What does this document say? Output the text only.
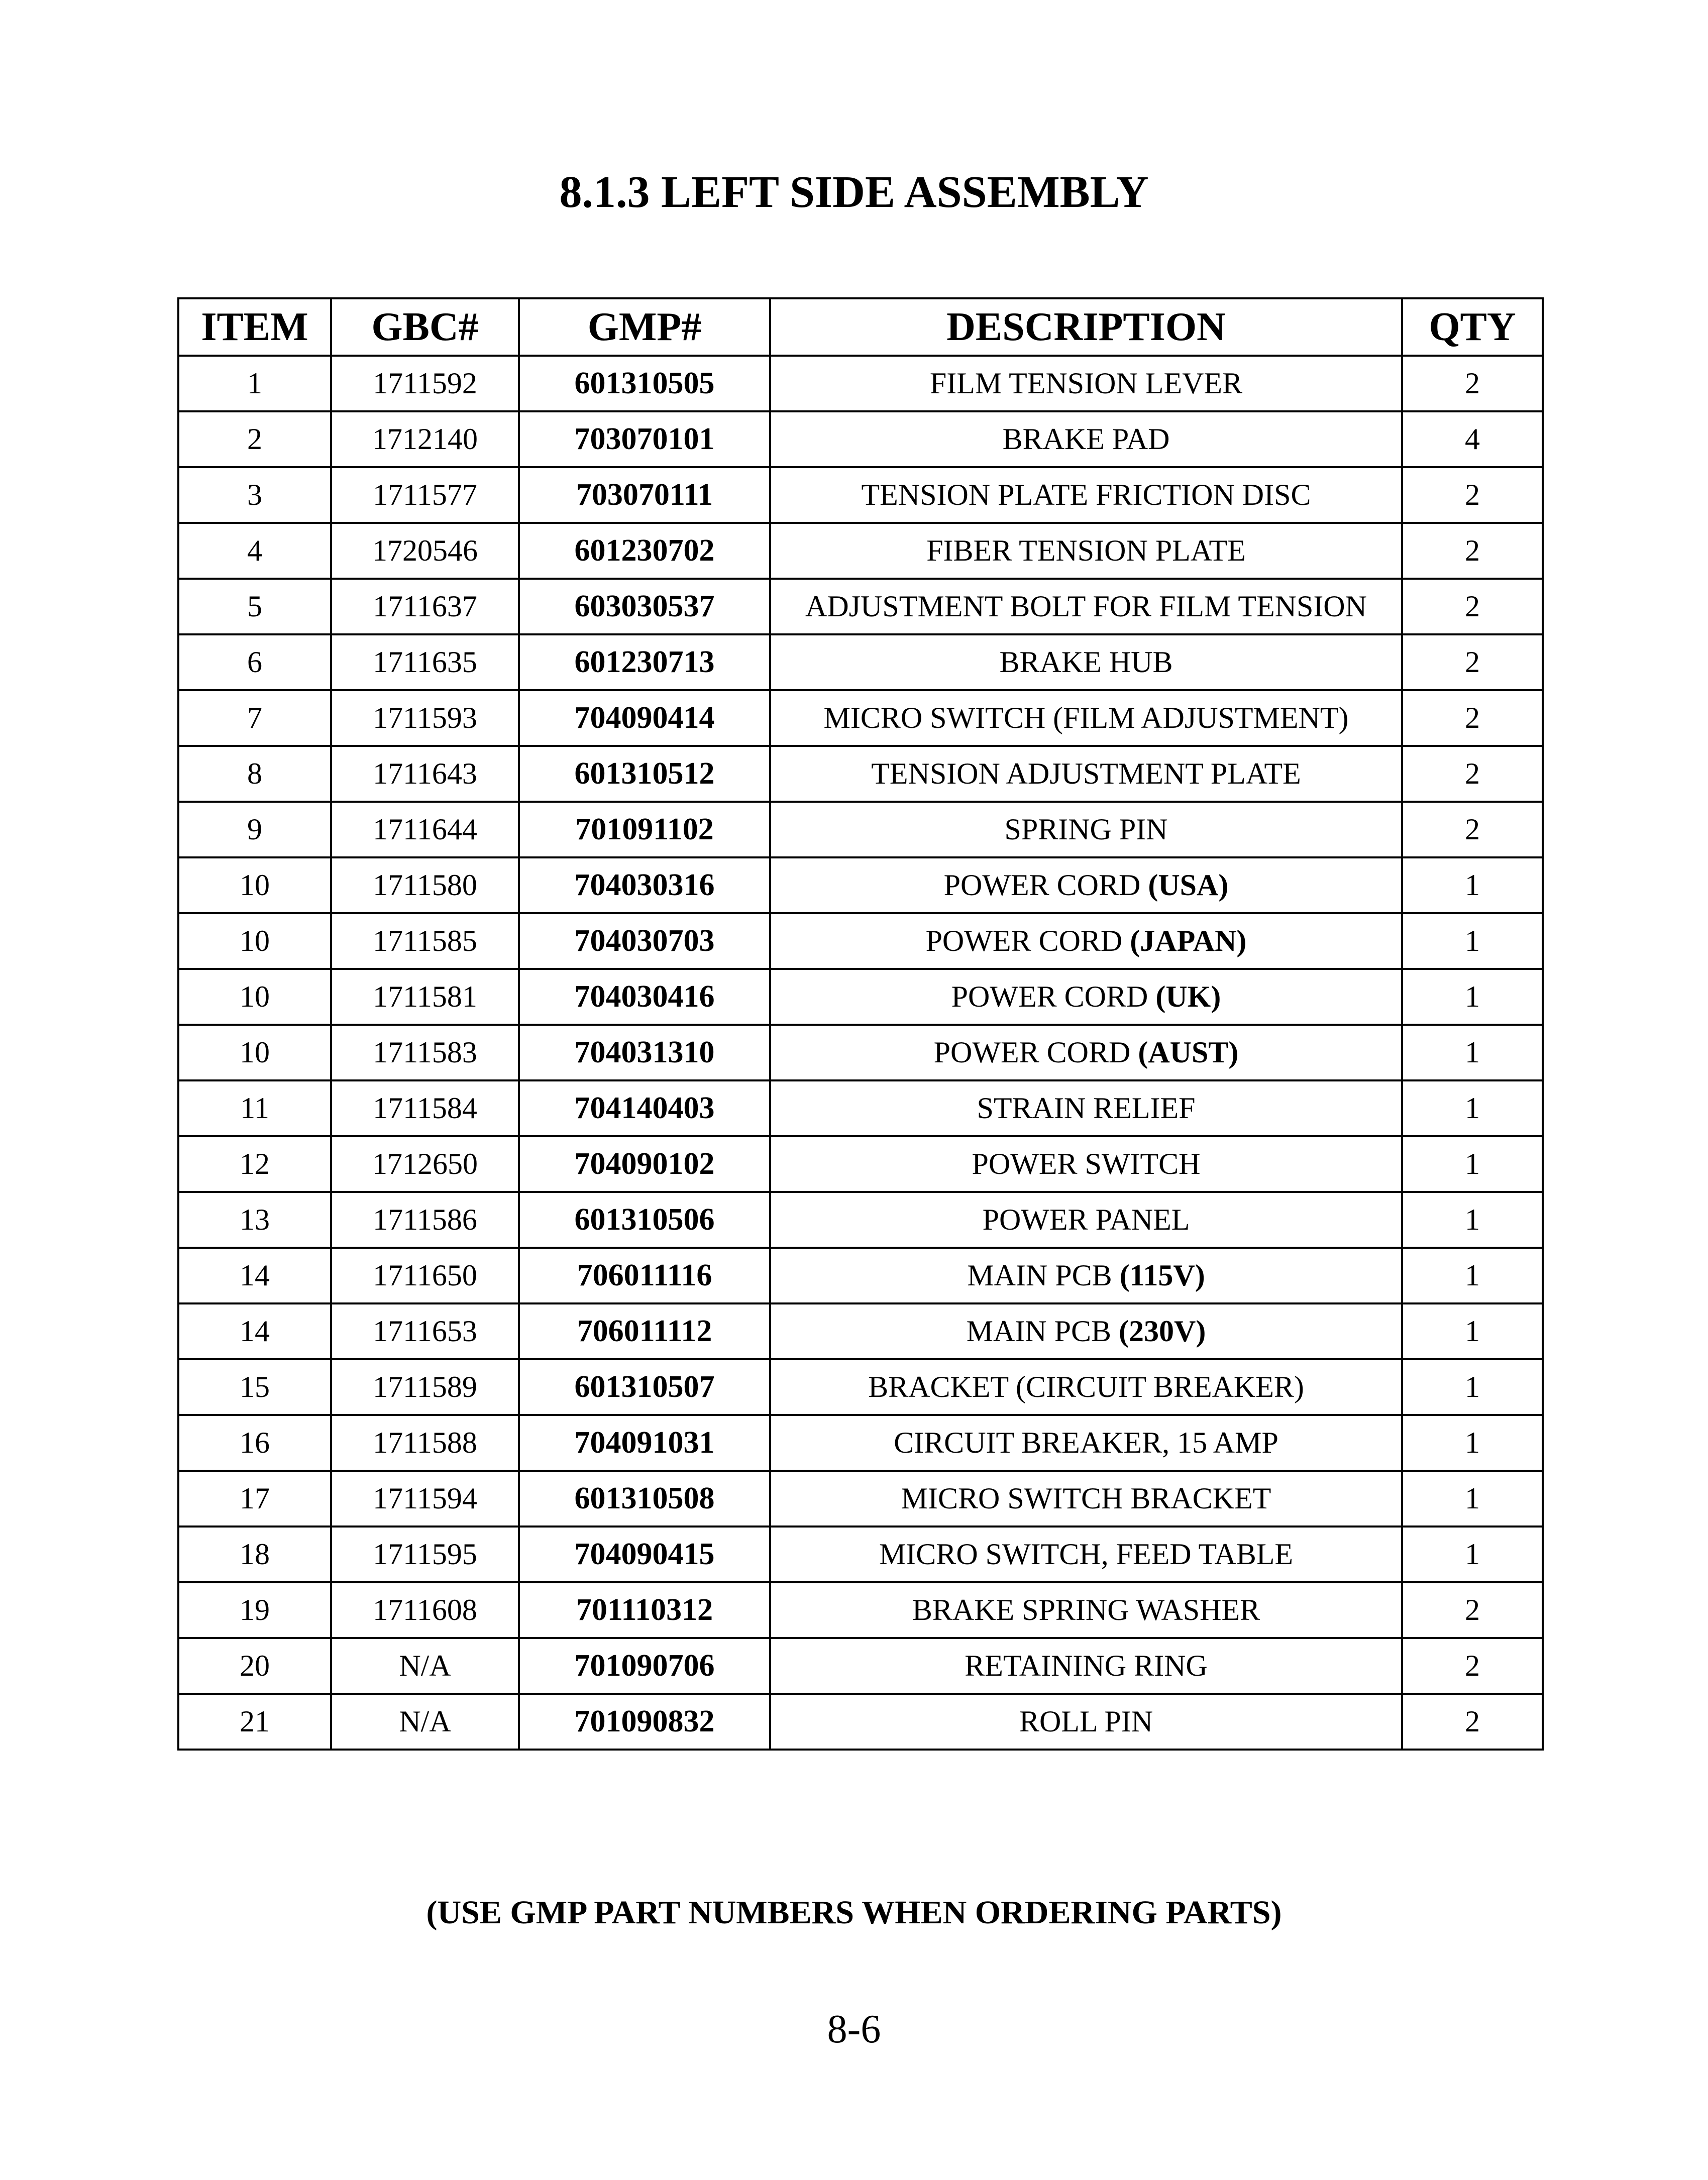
8.1.3 LEFT SIDE ASSEMBLY
ITEM	GBC#	GMP#	DESCRIPTION	QTY
1	1711592	601310505	FILM TENSION LEVER	2
2	1712140	703070101	BRAKE PAD	4
3	1711577	703070111	TENSION PLATE FRICTION DISC	2
4	1720546	601230702	FIBER TENSION PLATE	2
5	1711637	603030537	ADJUSTMENT BOLT FOR FILM TENSION	2
6	1711635	601230713	BRAKE HUB	2
7	1711593	704090414	MICRO SWITCH (FILM ADJUSTMENT)	2
8	1711643	601310512	TENSION ADJUSTMENT PLATE	2
9	1711644	701091102	SPRING PIN	2
10	1711580	704030316	POWER CORD (USA)	1
10	1711585	704030703	POWER CORD (JAPAN)	1
10	1711581	704030416	POWER CORD (UK)	1
10	1711583	704031310	POWER CORD (AUST)	1
11	1711584	704140403	STRAIN RELIEF	1
12	1712650	704090102	POWER SWITCH	1
13	1711586	601310506	POWER PANEL	1
14	1711650	706011116	MAIN PCB (115V)	1
14	1711653	706011112	MAIN PCB (230V)	1
15	1711589	601310507	BRACKET (CIRCUIT BREAKER)	1
16	1711588	704091031	CIRCUIT BREAKER, 15 AMP	1
17	1711594	601310508	MICRO SWITCH BRACKET	1
18	1711595	704090415	MICRO SWITCH, FEED TABLE	1
19	1711608	701110312	BRAKE SPRING WASHER	2
20	N/A	701090706	RETAINING RING	2
21	N/A	701090832	ROLL PIN	2
(USE GMP PART NUMBERS WHEN ORDERING PARTS)
8-6
